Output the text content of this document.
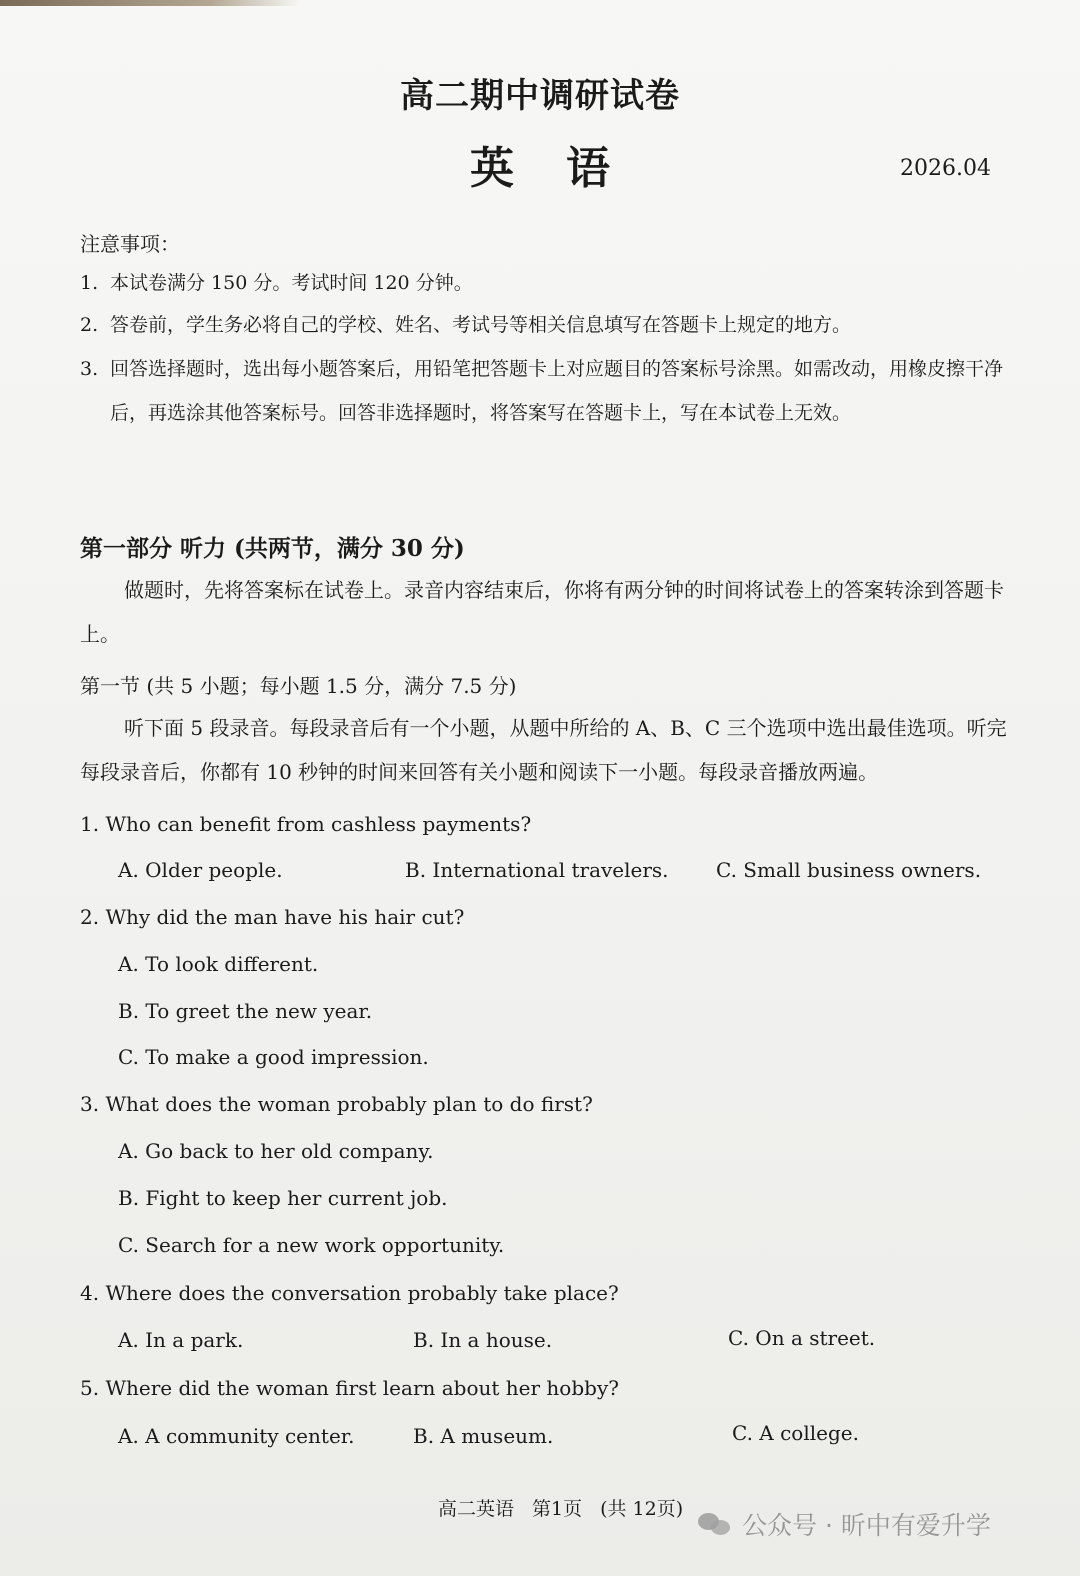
高二期中调研试卷
英语	2026.04
注意事项：
1. 本试卷满分 150 分。考试时间 120 分钟。
2. 答卷前，学生务必将自己的学校、姓名、考试号等相关信息填写在答题卡上规定的地方。
3. 回答选择题时，选出每小题答案后，用铅笔把答题卡上对应题目的答案标号涂黑。如需改动，用橡皮擦干净后，再选涂其他答案标号。回答非选择题时，将答案写在答题卡上，写在本试卷上无效。
第一部分 听力 (共两节，满分 30 分)
做题时，先将答案标在试卷上。录音内容结束后，你将有两分钟的时间将试卷上的答案转涂到答题卡上。
第一节 (共 5 小题；每小题 1.5 分，满分 7.5 分)
听下面 5 段录音。每段录音后有一个小题，从题中所给的 A、B、C 三个选项中选出最佳选项。听完每段录音后，你都有 10 秒钟的时间来回答有关小题和阅读下一小题。每段录音播放两遍。
1. Who can benefit from cashless payments?
A. Older people.	B. International travelers. C. Small business owners.
2. Why did the man have his hair cut?
A. To look different.
B. To greet the new year.
C. To make a good impression.
3. What does the woman probably plan to do first?
A. Go back to her old company.
B. Fight to keep her current job.
C. Search for a new work opportunity.
4. Where does the conversation probably take place?
A. In a park.	B. In a house.	C. On a street.
5. Where did the woman first learn about her hobby?
A. A community center.	B. A museum.	C. A college.
高二英语 第1页 (共 12页)
公众号 · 昕中有爱升学
